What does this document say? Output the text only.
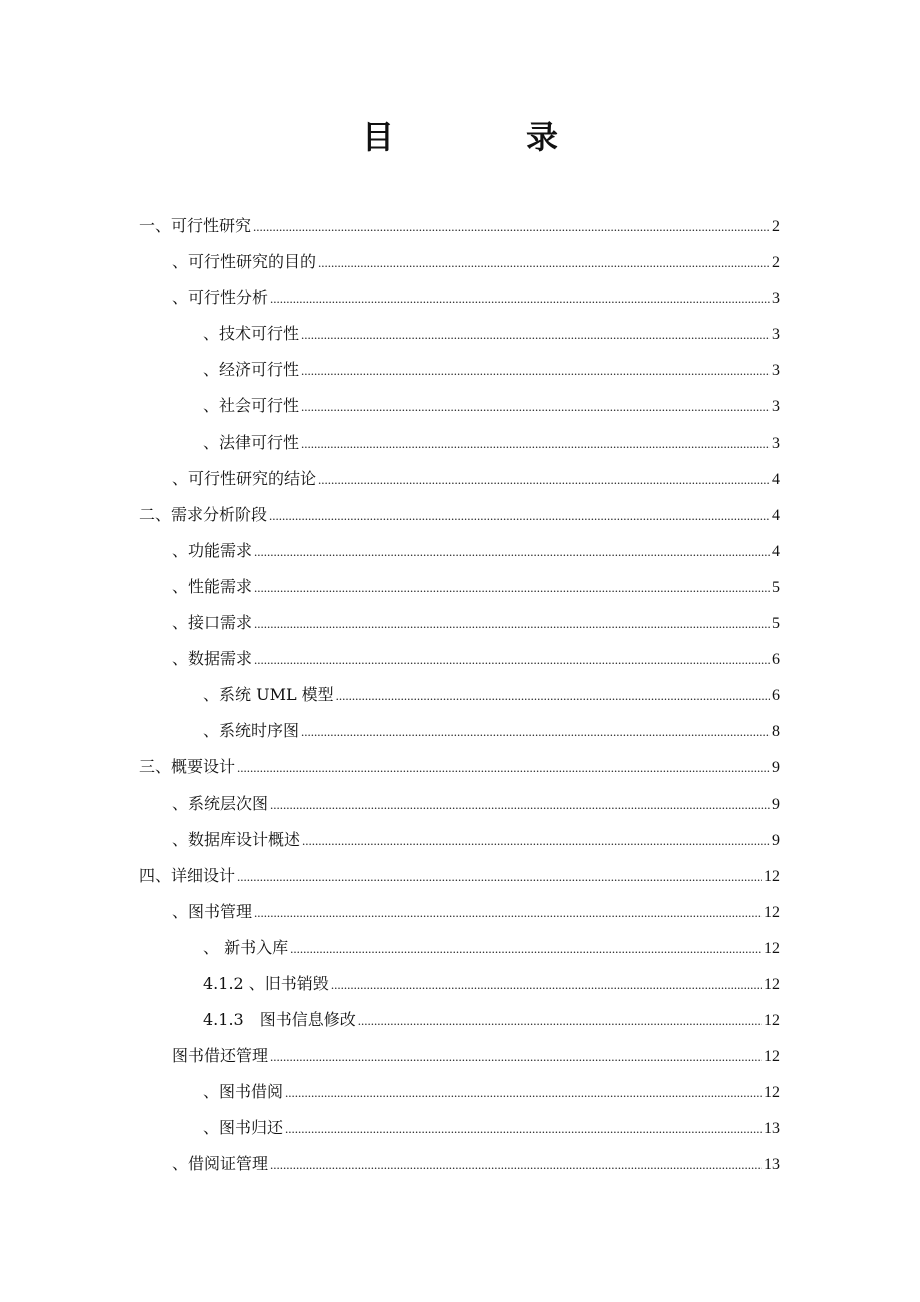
目　录
一、可行性研究 .....	2
、可行性研究的目的 .....	2
、可行性分析 .....	3
、技术可行性 .....	3
、经济可行性 .....	3
、社会可行性 .....	3
、法律可行性 .....	3
、可行性研究的结论 .....	4
二、需求分析阶段 .....	4
、功能需求 .....	4
、性能需求 .....	5
、接口需求 .....	5
、数据需求 .....	6
、系统 UML 模型 .....	6
、系统时序图 .....	8
三、概要设计 .....	9
、系统层次图 .....	9
、数据库设计概述 .....	9
四、详细设计 .....	12
、图书管理 .....	12
、 新书入库 .....	12
4.1.2 、旧书销毁 .....	12
4.1.3　图书信息修改 .....	12
图书借还管理 .....	12
、图书借阅 .....	12
、图书归还 .....	13
、借阅证管理 .....	13
